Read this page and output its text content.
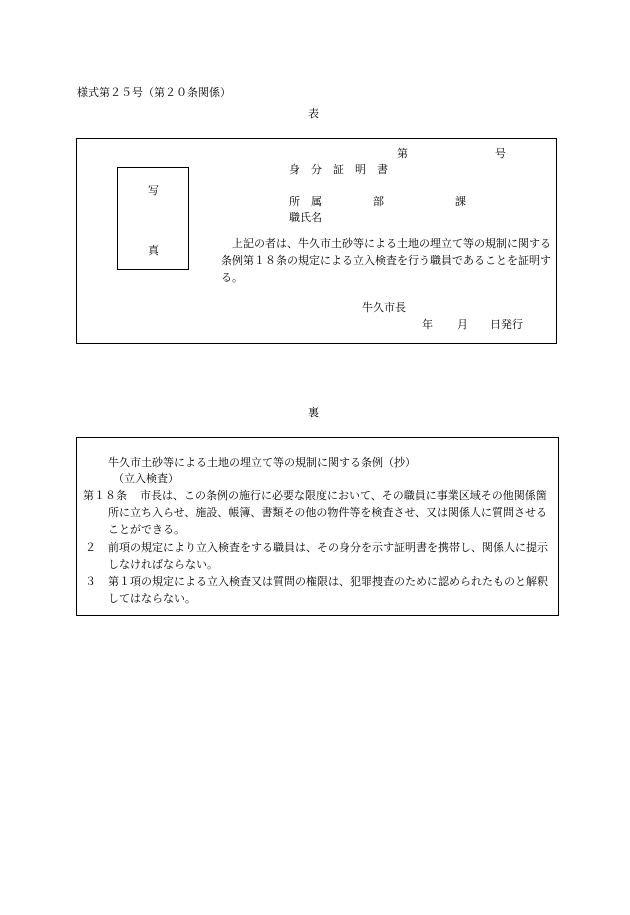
様式第２５号（第２０条関係）
表
第	号
身　分　証　明　書
写
真
所　属	部	課
職氏名
上記の者は、牛久市土砂等による土地の埋立て等の規制に関する条例第１８条の規定による立入検査を行う職員であることを証明する。
牛久市長
年 月 日発行
裏
牛久市土砂等による土地の埋立て等の規制に関する条例（抄）
（立入検査）
第１８条	市長は、この条例の施行に必要な限度において、その職員に事業区域その他関係箇所に立ち入らせ、施設、帳簿、書類その他の物件等を検査させ、又は関係人に質問させることができる。
２ 前項の規定により立入検査をする職員は、その身分を示す証明書を携帯し、関係人に提示しなければならない。
３ 第１項の規定による立入検査又は質問の権限は、犯罪捜査のために認められたものと解釈してはならない。
